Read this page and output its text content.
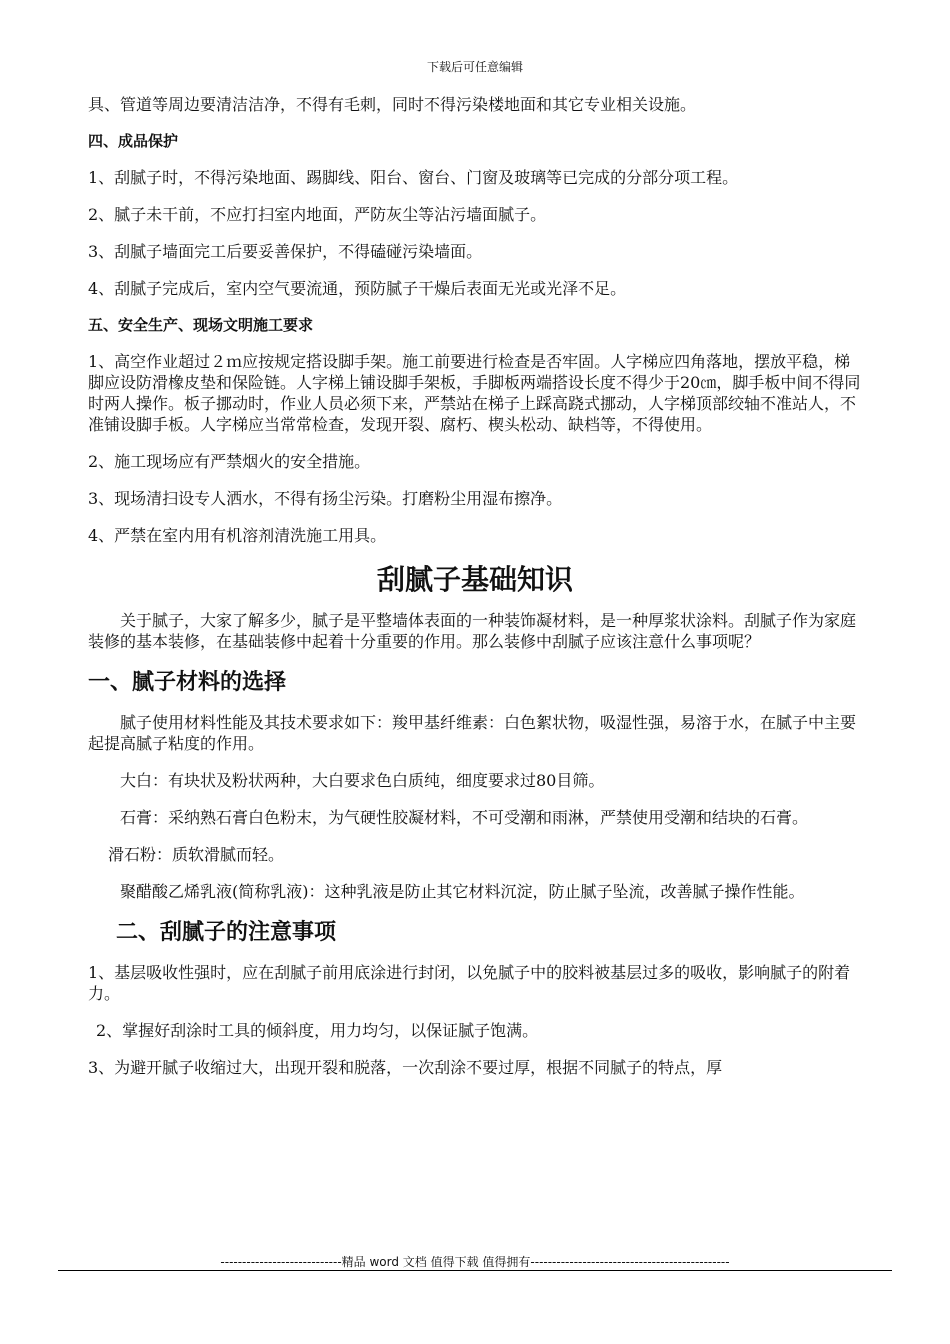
下载后可任意编辑

具、管道等周边要清洁洁净，不得有毛刺，同时不得污染楼地面和其它专业相关设施。

四、成品保护

1、刮腻子时，不得污染地面、踢脚线、阳台、窗台、门窗及玻璃等已完成的分部分项工程。

2、腻子未干前，不应打扫室内地面，严防灰尘等沾污墙面腻子。

3、刮腻子墙面完工后要妥善保护，不得磕碰污染墙面。

4、刮腻子完成后，室内空气要流通，预防腻子干燥后表面无光或光泽不足。

五、安全生产、现场文明施工要求

1、高空作业超过２ｍ应按规定搭设脚手架。施工前要进行检查是否牢固。人字梯应四角落地，摆放平稳，梯脚应设防滑橡皮垫和保险链。人字梯上铺设脚手架板，手脚板两端搭设长度不得少于20㎝，脚手板中间不得同时两人操作。板子挪动时，作业人员必须下来，严禁站在梯子上踩高跷式挪动，人字梯顶部绞轴不准站人，不准铺设脚手板。人字梯应当常常检查，发现开裂、腐朽、楔头松动、缺档等，不得使用。

2、施工现场应有严禁烟火的安全措施。

3、现场清扫设专人洒水，不得有扬尘污染。打磨粉尘用湿布擦净。

4、严禁在室内用有机溶剂清洗施工用具。

刮腻子基础知识

关于腻子，大家了解多少，腻子是平整墙体表面的一种装饰凝材料，是一种厚浆状涂料。刮腻子作为家庭装修的基本装修，在基础装修中起着十分重要的作用。那么装修中刮腻子应该注意什么事项呢？

一、腻子材料的选择

腻子使用材料性能及其技术要求如下：羧甲基纤维素：白色絮状物，吸湿性强，易溶于水，在腻子中主要起提高腻子粘度的作用。

大白：有块状及粉状两种，大白要求色白质纯，细度要求过80目筛。

石膏：采纳熟石膏白色粉末，为气硬性胶凝材料，不可受潮和雨淋，严禁使用受潮和结块的石膏。

滑石粉：质软滑腻而轻。

聚醋酸乙烯乳液(简称乳液)：这种乳液是防止其它材料沉淀，防止腻子坠流，改善腻子操作性能。

二、刮腻子的注意事项

1、基层吸收性强时，应在刮腻子前用底涂进行封闭，以免腻子中的胶料被基层过多的吸收，影响腻子的附着力。

2、掌握好刮涂时工具的倾斜度，用力均匀，以保证腻子饱满。

3、为避开腻子收缩过大，出现开裂和脱落，一次刮涂不要过厚，根据不同腻子的特点，厚

----------------------------精品 word 文档 值得下载 值得拥有----------------------------------------------
